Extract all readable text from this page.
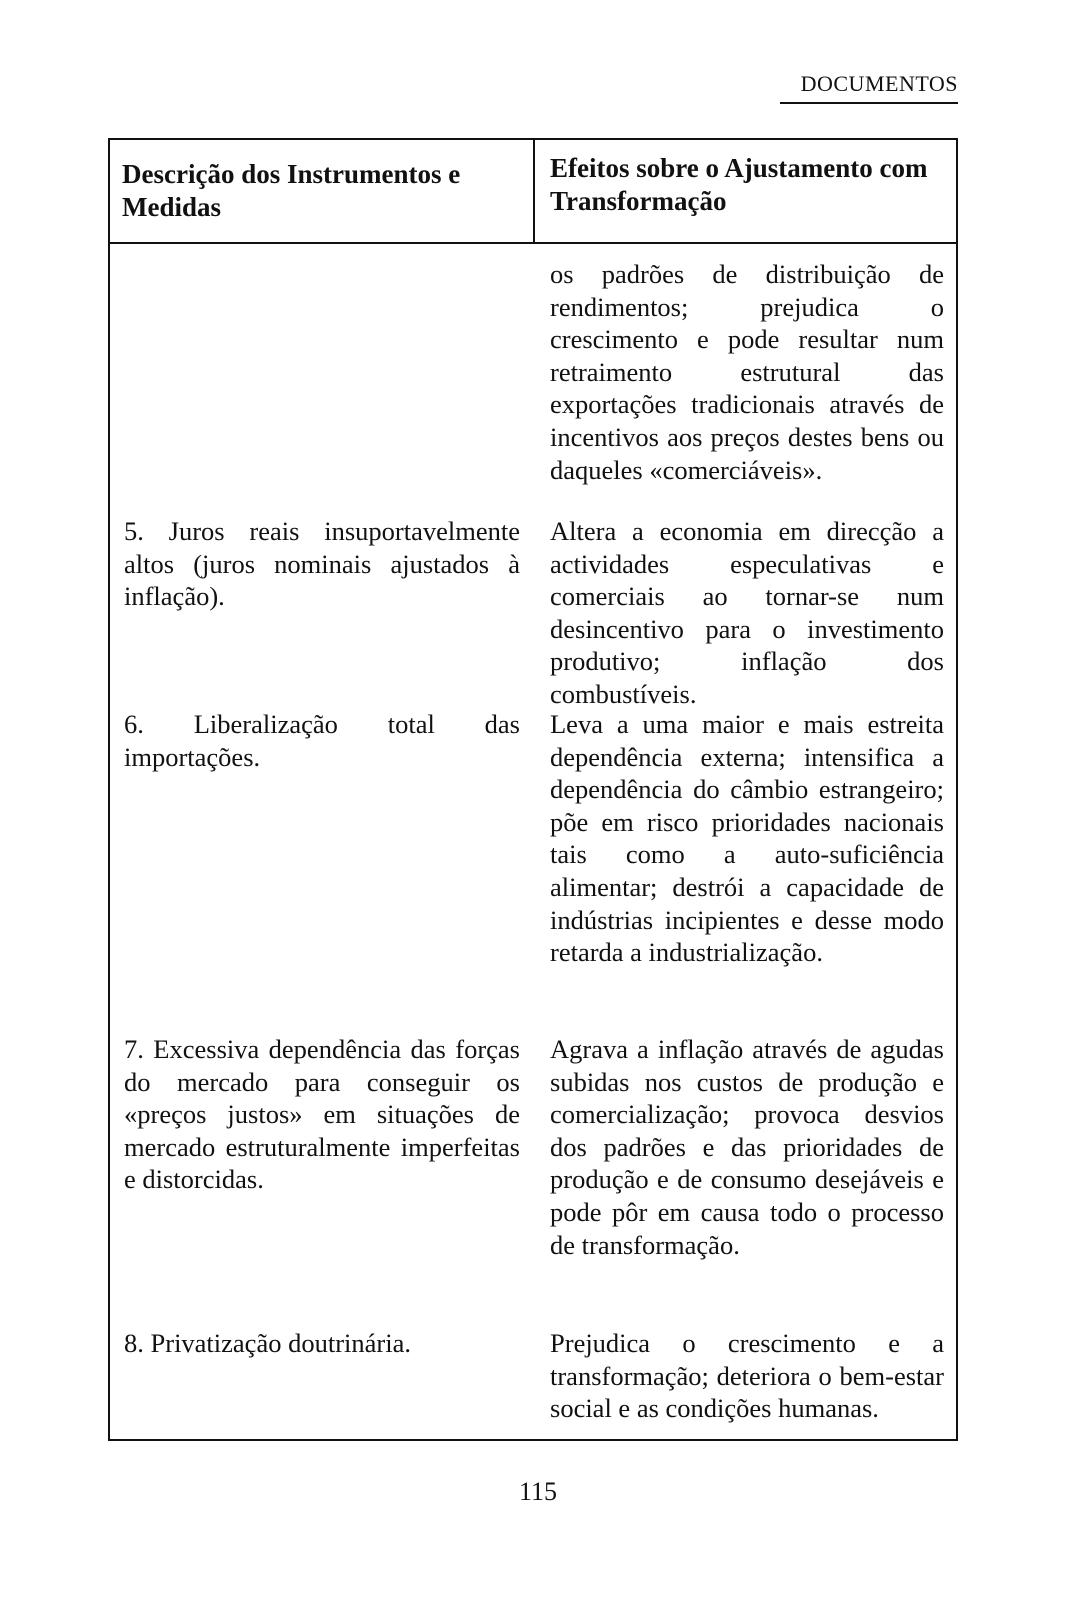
DOCUMENTOS
Descrição dos Instrumentos e Medidas
Efeitos sobre o Ajustamento com Transformação
os padrões de distribuição de rendimentos; prejudica o crescimento e pode resultar num retraimento estrutural das exportações tradicionais através de incentivos aos preços destes bens ou daqueles «comerciáveis».
5. Juros reais insuportavelmente altos (juros nominais ajustados à inflação).
Altera a economia em direcção a actividades especulativas e comerciais ao tornar-se num desincentivo para o investimento produtivo; inflação dos combustíveis.
6. Liberalização total das importações.
Leva a uma maior e mais estreita dependência externa; intensifica a dependência do câmbio estrangeiro; põe em risco prioridades nacionais tais como a auto-suficiência alimentar; destrói a capacidade de indústrias incipientes e desse modo retarda a industrialização.
7. Excessiva dependência das forças do mercado para conseguir os «preços justos» em situações de mercado estruturalmente imperfeitas e distorcidas.
Agrava a inflação através de agudas subidas nos custos de produção e comercialização; provoca desvios dos padrões e das prioridades de produção e de consumo desejáveis e pode pôr em causa todo o processo de transformação.
8. Privatização doutrinária.	Prejudica o crescimento e a transformação; deteriora o bem-estar social e as condições humanas.
115
